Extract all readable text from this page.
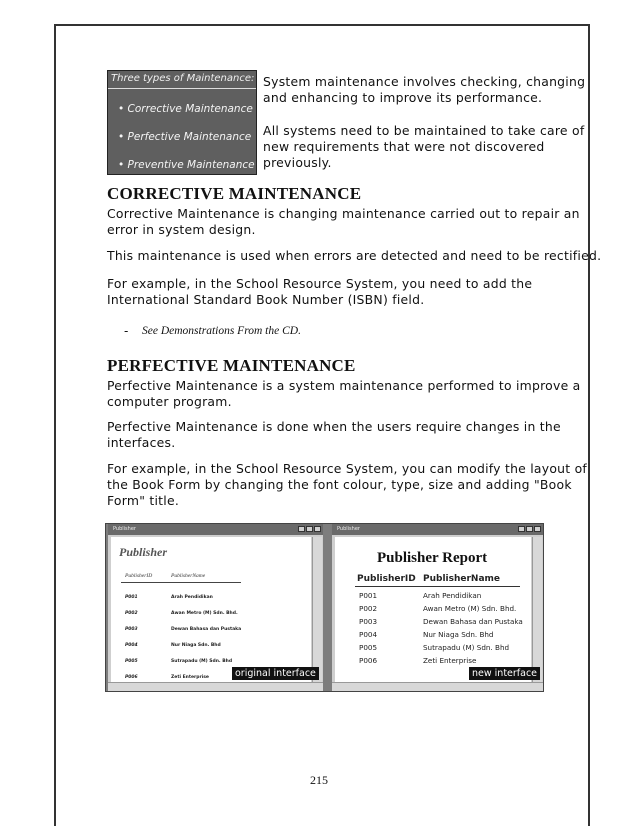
Three types of Maintenance:
• Corrective Maintenance
• Perfective Maintenance
• Preventive Maintenance
System maintenance involves checking, changing
and enhancing to improve its performance.
All systems need to be maintained to take care of
new requirements that were not discovered
previously.
CORRECTIVE MAINTENANCE
Corrective Maintenance is changing maintenance carried out to repair an
error in system design.
This maintenance is used when errors are detected and need to be rectified.
For example, in the School Resource System, you need to add the
International Standard Book Number (ISBN) field.
- See Demonstrations From the CD.
PERFECTIVE MAINTENANCE
Perfective Maintenance is a system maintenance performed to improve a
computer program.
Perfective Maintenance is done when the users require changes in the
interfaces.
For example, in the School Resource System, you can modify the layout of
the Book Form by changing the font colour, type, size and adding "Book
Form" title.
Publisher
Publisher
PublisherID	PublisherName
P001	Arah Pendidikan
P002	Awan Metro (M) Sdn. Bhd.
P003	Dewan Bahasa dan Pustaka
P004	Nur Niaga Sdn. Bhd
P005	Sutrapadu (M) Sdn. Bhd
P006	Zeti Enterprise	original interface
Publisher
Publisher Report
PublisherID PublisherName
P001	Arah Pendidikan
P002	Awan Metro (M) Sdn. Bhd.
P003	Dewan Bahasa dan Pustaka
P004	Nur Niaga Sdn. Bhd
P005	Sutrapadu (M) Sdn. Bhd
P006	Zeti Enterprise
new interface
215
